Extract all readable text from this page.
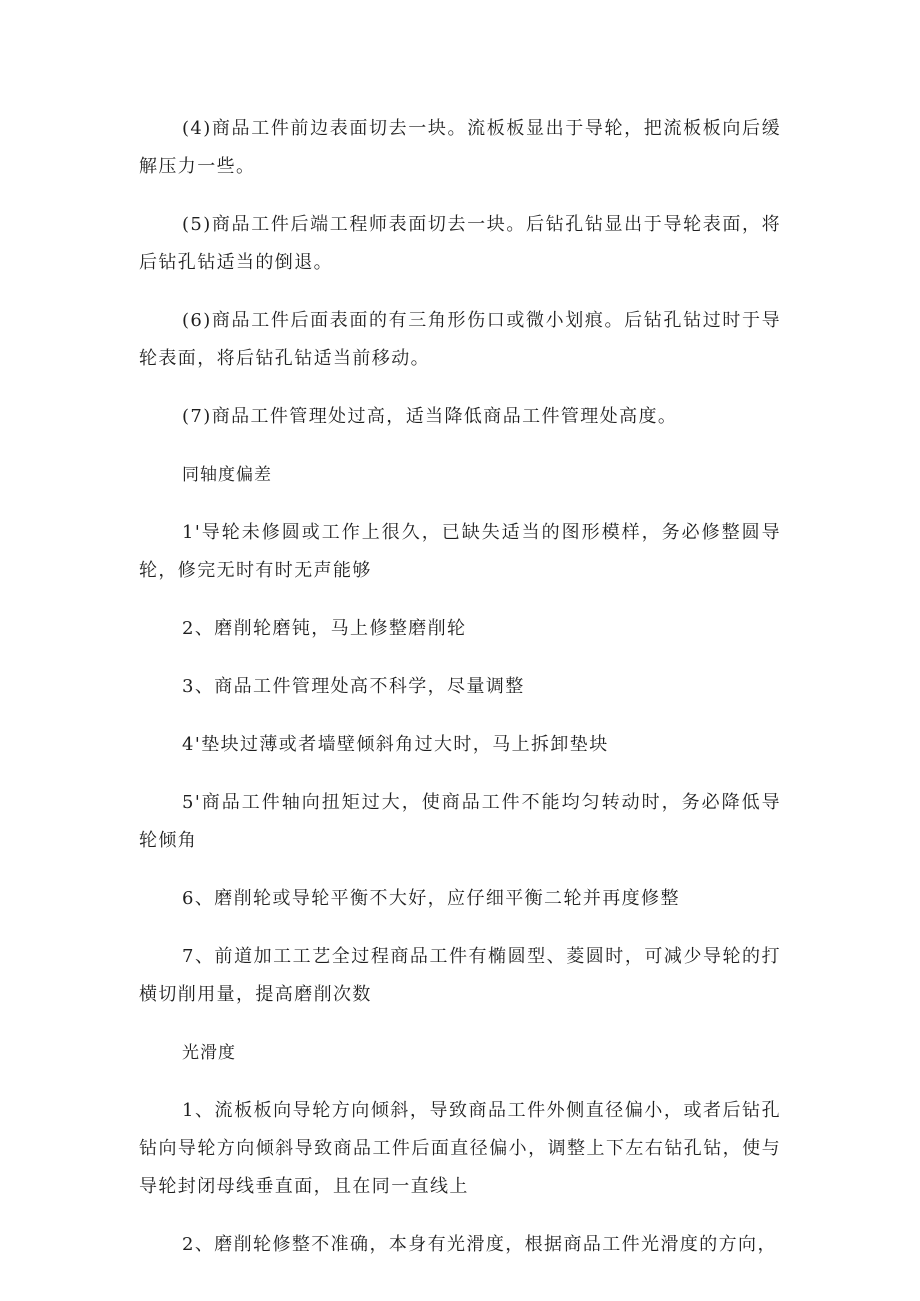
(4)商品工件前边表面切去一块。流板板显出于导轮，把流板板向后缓解压力一些。

(5)商品工件后端工程师表面切去一块。后钻孔钻显出于导轮表面，将后钻孔钻适当的倒退。

(6)商品工件后面表面的有三角形伤口或微小划痕。后钻孔钻过时于导轮表面，将后钻孔钻适当前移动。

(7)商品工件管理处过高，适当降低商品工件管理处高度。

同轴度偏差

1'导轮未修圆或工作上很久，已缺失适当的图形模样，务必修整圆导轮，修完无时有时无声能够

2、磨削轮磨钝，马上修整磨削轮

3、商品工件管理处高不科学，尽量调整

4'垫块过薄或者墙壁倾斜角过大时，马上拆卸垫块

5'商品工件轴向扭矩过大，使商品工件不能均匀转动时，务必降低导轮倾角

6、磨削轮或导轮平衡不大好，应仔细平衡二轮并再度修整

7、前道加工工艺全过程商品工件有椭圆型、菱圆时，可减少导轮的打横切削用量，提高磨削次数

光滑度

1、流板板向导轮方向倾斜，导致商品工件外侧直径偏小，或者后钻孔钻向导轮方向倾斜导致商品工件后面直径偏小，调整上下左右钻孔钻，使与导轮封闭母线垂直面，且在同一直线上

2、磨削轮修整不准确，本身有光滑度，根据商品工件光滑度的方向，
